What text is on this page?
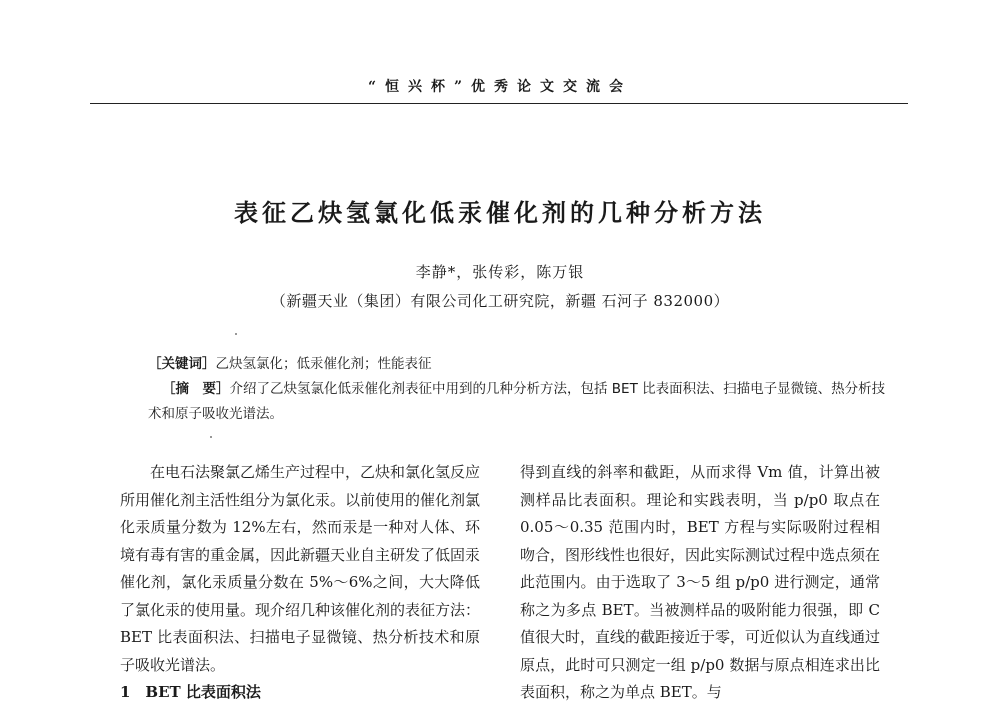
“恒兴杯”优秀论文交流会
表征乙炔氢氯化低汞催化剂的几种分析方法
李静*，张传彩，陈万银
（新疆天业（集团）有限公司化工研究院，新疆 石河子 832000）
［关键词］乙炔氢氯化；低汞催化剂；性能表征
［摘　要］介绍了乙炔氢氯化低汞催化剂表征中用到的几种分析方法，包括 BET 比表面积法、扫描电子显微镜、热分析技术和原子吸收光谱法。

在电石法聚氯乙烯生产过程中，乙炔和氯化氢反应所用催化剂主活性组分为氯化汞。以前使用的催化剂氯化汞质量分数为 12%左右，然而汞是一种对人体、环境有毒有害的重金属，因此新疆天业自主研发了低固汞催化剂，氯化汞质量分数在 5%～6%之间，大大降低了氯化汞的使用量。现介绍几种该催化剂的表征方法：BET 比表面积法、扫描电子显微镜、热分析技术和原子吸收光谱法。

1　BET 比表面积法

得到直线的斜率和截距，从而求得 Vm 值，计算出被测样品比表面积。理论和实践表明，当 p/p0 取点在 0.05～0.35 范围内时，BET 方程与实际吸附过程相吻合，图形线性也很好，因此实际测试过程中选点须在此范围内。由于选取了 3～5 组 p/p0 进行测定，通常称之为多点 BET。当被测样品的吸附能力很强，即 C 值很大时，直线的截距接近于零，可近似认为直线通过原点，此时可只测定一组 p/p0 数据与原点相连求出比表面积，称之为单点 BET。与
